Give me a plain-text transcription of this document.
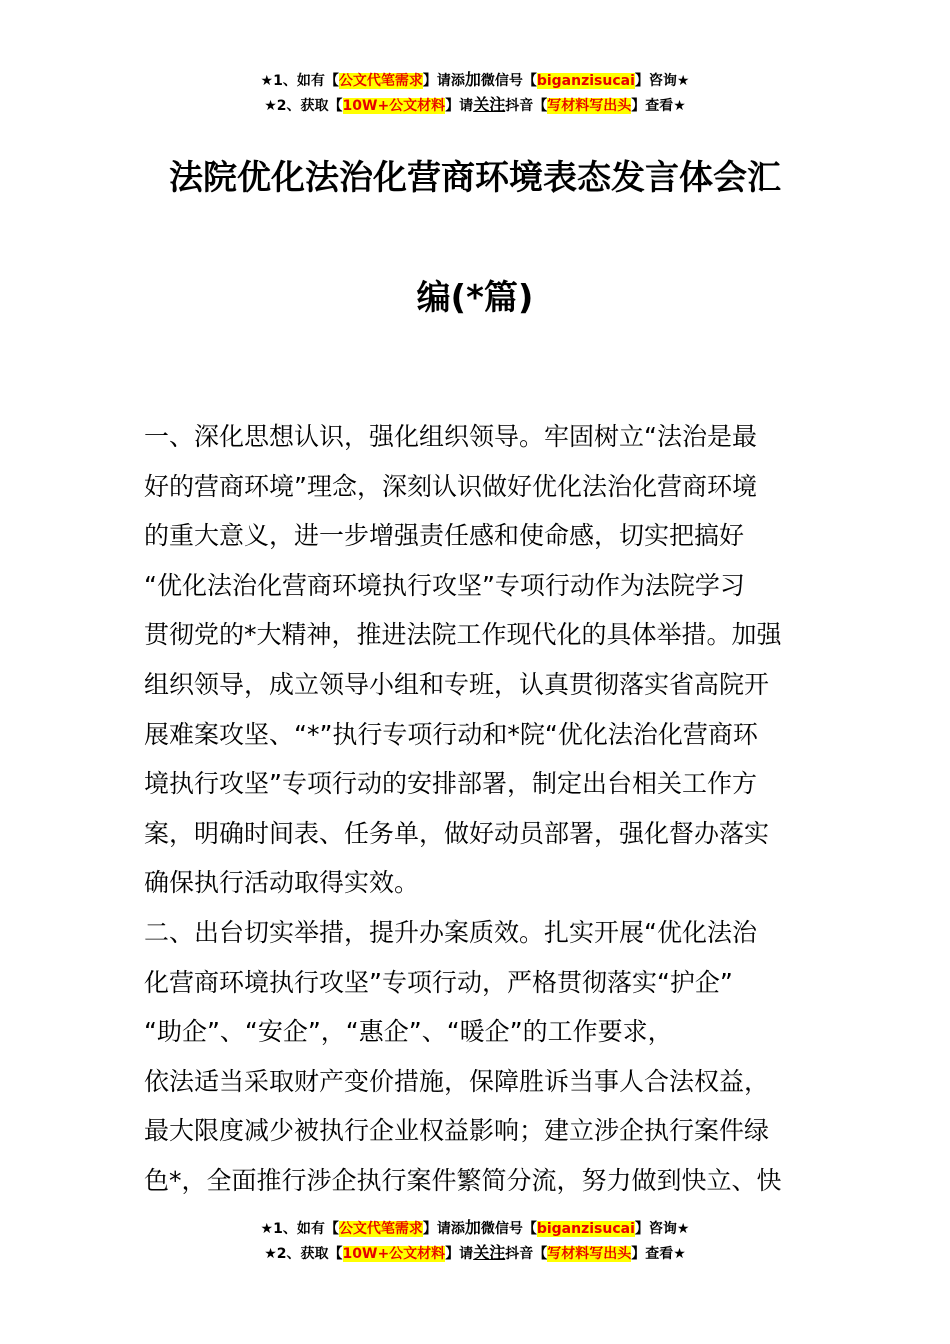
★1、如有【公文代笔需求】请添加微信号【biganzisucai】咨询★
★2、获取【10W+公文材料】请关注抖音【写材料写出头】查看★
法院优化法治化营商环境表态发言体会汇
编(*篇)
一、深化思想认识，强化组织领导。牢固树立“法治是最
好的营商环境”理念，深刻认识做好优化法治化营商环境
的重大意义，进一步增强责任感和使命感，切实把搞好
“优化法治化营商环境执行攻坚”专项行动作为法院学习
贯彻党的*大精神，推进法院工作现代化的具体举措。加强
组织领导，成立领导小组和专班，认真贯彻落实省高院开
展难案攻坚、“*”执行专项行动和*院“优化法治化营商环
境执行攻坚”专项行动的安排部署，制定出台相关工作方
案，明确时间表、任务单，做好动员部署，强化督办落实
确保执行活动取得实效。
二、出台切实举措，提升办案质效。扎实开展“优化法治
化营商环境执行攻坚”专项行动，严格贯彻落实“护企”
“助企”、“安企”，“惠企”、“暖企”的工作要求，
依法适当采取财产变价措施，保障胜诉当事人合法权益，
最大限度减少被执行企业权益影响；建立涉企执行案件绿
色*，全面推行涉企执行案件繁简分流，努力做到快立、快
★1、如有【公文代笔需求】请添加微信号【biganzisucai】咨询★
★2、获取【10W+公文材料】请关注抖音【写材料写出头】查看★
